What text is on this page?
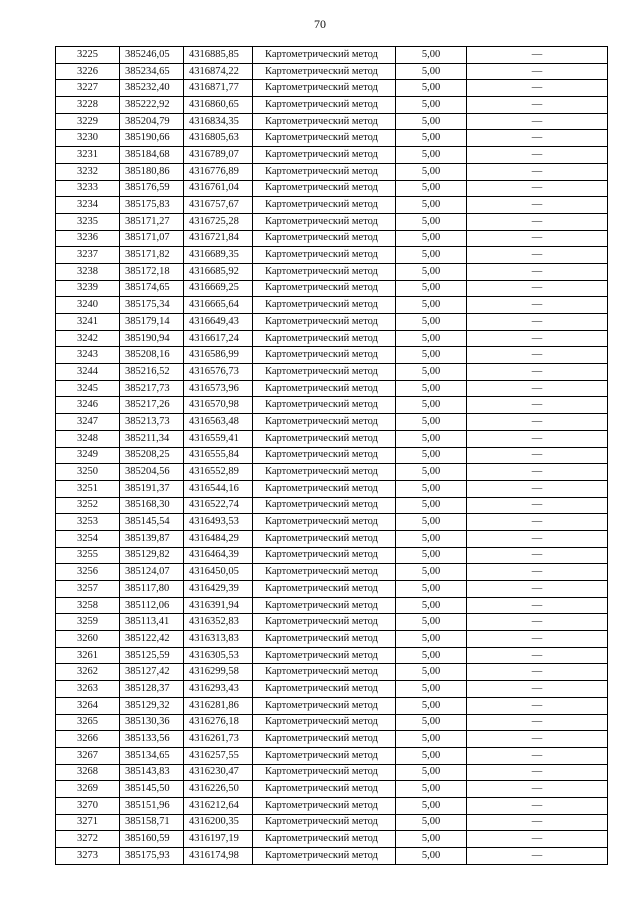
70
3225	385246,05	4316885,85	Картометрический метод	5,00	—
3226	385234,65	4316874,22	Картометрический метод	5,00	—
3227	385232,40	4316871,77	Картометрический метод	5,00	—
3228	385222,92	4316860,65	Картометрический метод	5,00	—
3229	385204,79	4316834,35	Картометрический метод	5,00	—
3230	385190,66	4316805,63	Картометрический метод	5,00	—
3231	385184,68	4316789,07	Картометрический метод	5,00	—
3232	385180,86	4316776,89	Картометрический метод	5,00	—
3233	385176,59	4316761,04	Картометрический метод	5,00	—
3234	385175,83	4316757,67	Картометрический метод	5,00	—
3235	385171,27	4316725,28	Картометрический метод	5,00	—
3236	385171,07	4316721,84	Картометрический метод	5,00	—
3237	385171,82	4316689,35	Картометрический метод	5,00	—
3238	385172,18	4316685,92	Картометрический метод	5,00	—
3239	385174,65	4316669,25	Картометрический метод	5,00	—
3240	385175,34	4316665,64	Картометрический метод	5,00	—
3241	385179,14	4316649,43	Картометрический метод	5,00	—
3242	385190,94	4316617,24	Картометрический метод	5,00	—
3243	385208,16	4316586,99	Картометрический метод	5,00	—
3244	385216,52	4316576,73	Картометрический метод	5,00	—
3245	385217,73	4316573,96	Картометрический метод	5,00	—
3246	385217,26	4316570,98	Картометрический метод	5,00	—
3247	385213,73	4316563,48	Картометрический метод	5,00	—
3248	385211,34	4316559,41	Картометрический метод	5,00	—
3249	385208,25	4316555,84	Картометрический метод	5,00	—
3250	385204,56	4316552,89	Картометрический метод	5,00	—
3251	385191,37	4316544,16	Картометрический метод	5,00	—
3252	385168,30	4316522,74	Картометрический метод	5,00	—
3253	385145,54	4316493,53	Картометрический метод	5,00	—
3254	385139,87	4316484,29	Картометрический метод	5,00	—
3255	385129,82	4316464,39	Картометрический метод	5,00	—
3256	385124,07	4316450,05	Картометрический метод	5,00	—
3257	385117,80	4316429,39	Картометрический метод	5,00	—
3258	385112,06	4316391,94	Картометрический метод	5,00	—
3259	385113,41	4316352,83	Картометрический метод	5,00	—
3260	385122,42	4316313,83	Картометрический метод	5,00	—
3261	385125,59	4316305,53	Картометрический метод	5,00	—
3262	385127,42	4316299,58	Картометрический метод	5,00	—
3263	385128,37	4316293,43	Картометрический метод	5,00	—
3264	385129,32	4316281,86	Картометрический метод	5,00	—
3265	385130,36	4316276,18	Картометрический метод	5,00	—
3266	385133,56	4316261,73	Картометрический метод	5,00	—
3267	385134,65	4316257,55	Картометрический метод	5,00	—
3268	385143,83	4316230,47	Картометрический метод	5,00	—
3269	385145,50	4316226,50	Картометрический метод	5,00	—
3270	385151,96	4316212,64	Картометрический метод	5,00	—
3271	385158,71	4316200,35	Картометрический метод	5,00	—
3272	385160,59	4316197,19	Картометрический метод	5,00	—
3273	385175,93	4316174,98	Картометрический метод	5,00	—
